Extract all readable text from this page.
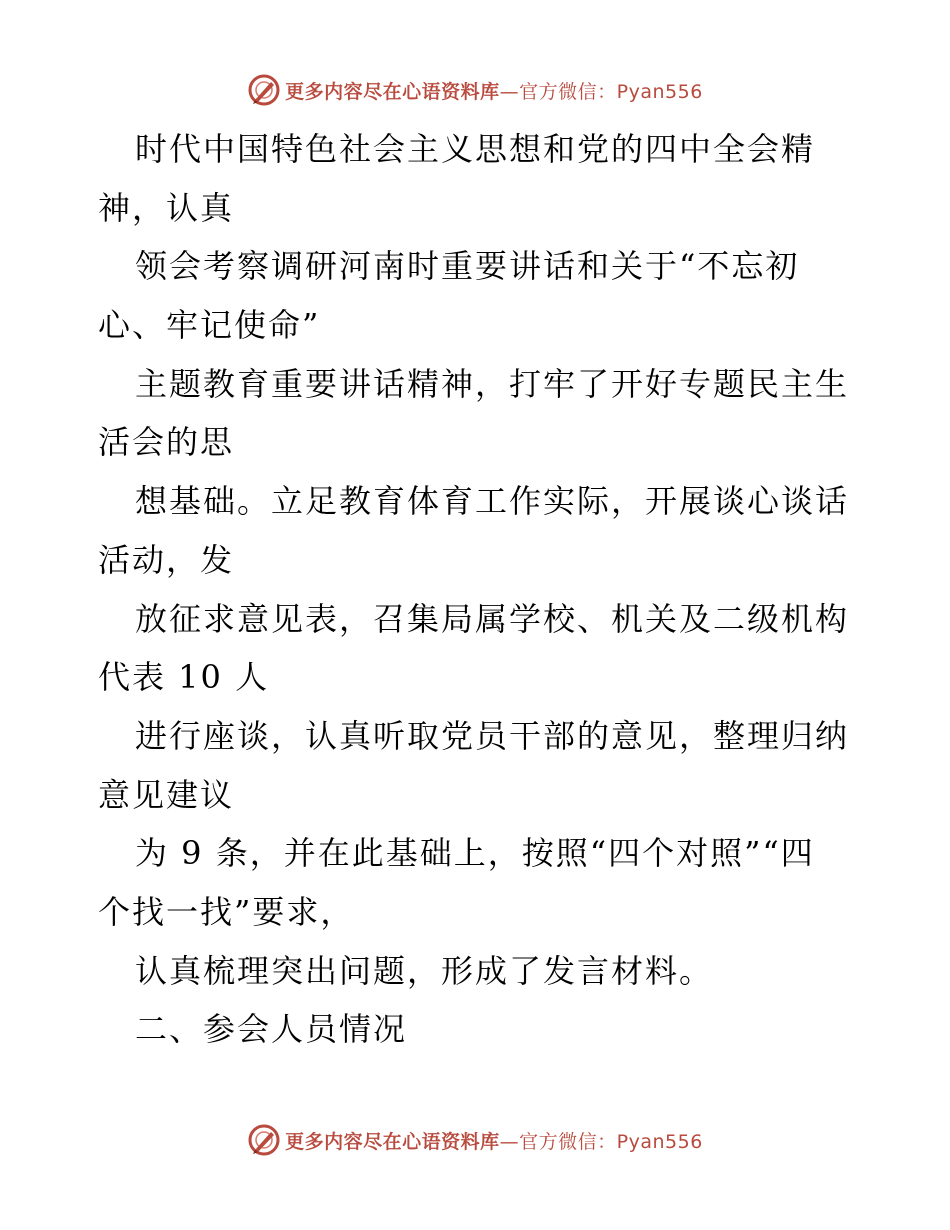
更多内容尽在心语资料库—官方微信：Pyan556
时代中国特色社会主义思想和党的四中全会精
神，认真
领会考察调研河南时重要讲话和关于“不忘初
心、牢记使命”
主题教育重要讲话精神，打牢了开好专题民主生
活会的思
想基础。立足教育体育工作实际，开展谈心谈话
活动，发
放征求意见表，召集局属学校、机关及二级机构
代表 10 人
进行座谈，认真听取党员干部的意见，整理归纳
意见建议
为 9 条，并在此基础上，按照“四个对照”“四
个找一找”要求，
认真梳理突出问题，形成了发言材料。
二、参会人员情况
更多内容尽在心语资料库—官方微信：Pyan556
